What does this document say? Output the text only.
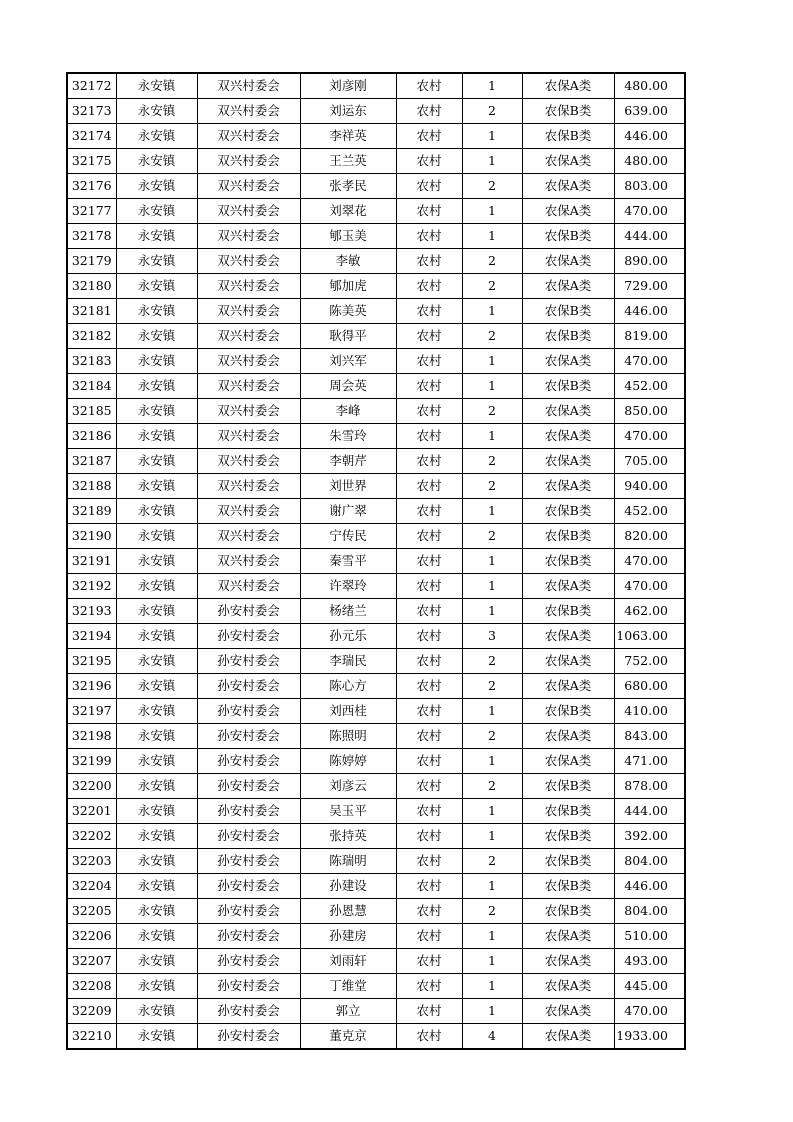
32172	永安镇	双兴村委会	刘彦刚	农村	1	农保A类	480.00
32173	永安镇	双兴村委会	刘运东	农村	2	农保B类	639.00
32174	永安镇	双兴村委会	李祥英	农村	1	农保B类	446.00
32175	永安镇	双兴村委会	王兰英	农村	1	农保A类	480.00
32176	永安镇	双兴村委会	张孝民	农村	2	农保A类	803.00
32177	永安镇	双兴村委会	刘翠花	农村	1	农保A类	470.00
32178	永安镇	双兴村委会	郇玉美	农村	1	农保B类	444.00
32179	永安镇	双兴村委会	李敏	农村	2	农保A类	890.00
32180	永安镇	双兴村委会	郇加虎	农村	2	农保A类	729.00
32181	永安镇	双兴村委会	陈美英	农村	1	农保B类	446.00
32182	永安镇	双兴村委会	耿得平	农村	2	农保B类	819.00
32183	永安镇	双兴村委会	刘兴军	农村	1	农保A类	470.00
32184	永安镇	双兴村委会	周会英	农村	1	农保B类	452.00
32185	永安镇	双兴村委会	李峰	农村	2	农保A类	850.00
32186	永安镇	双兴村委会	朱雪玲	农村	1	农保A类	470.00
32187	永安镇	双兴村委会	李朝芹	农村	2	农保A类	705.00
32188	永安镇	双兴村委会	刘世界	农村	2	农保A类	940.00
32189	永安镇	双兴村委会	谢广翠	农村	1	农保B类	452.00
32190	永安镇	双兴村委会	宁传民	农村	2	农保B类	820.00
32191	永安镇	双兴村委会	秦雪平	农村	1	农保B类	470.00
32192	永安镇	双兴村委会	许翠玲	农村	1	农保A类	470.00
32193	永安镇	孙安村委会	杨绪兰	农村	1	农保B类	462.00
32194	永安镇	孙安村委会	孙元乐	农村	3	农保A类	1063.00
32195	永安镇	孙安村委会	李瑞民	农村	2	农保A类	752.00
32196	永安镇	孙安村委会	陈心方	农村	2	农保A类	680.00
32197	永安镇	孙安村委会	刘西桂	农村	1	农保B类	410.00
32198	永安镇	孙安村委会	陈照明	农村	2	农保A类	843.00
32199	永安镇	孙安村委会	陈婷婷	农村	1	农保A类	471.00
32200	永安镇	孙安村委会	刘彦云	农村	2	农保B类	878.00
32201	永安镇	孙安村委会	吴玉平	农村	1	农保B类	444.00
32202	永安镇	孙安村委会	张持英	农村	1	农保B类	392.00
32203	永安镇	孙安村委会	陈瑞明	农村	2	农保B类	804.00
32204	永安镇	孙安村委会	孙建设	农村	1	农保B类	446.00
32205	永安镇	孙安村委会	孙恩慧	农村	2	农保B类	804.00
32206	永安镇	孙安村委会	孙建房	农村	1	农保A类	510.00
32207	永安镇	孙安村委会	刘雨轩	农村	1	农保A类	493.00
32208	永安镇	孙安村委会	丁维堂	农村	1	农保A类	445.00
32209	永安镇	孙安村委会	郭立	农村	1	农保A类	470.00
32210	永安镇	孙安村委会	董克京	农村	4	农保A类	1933.00
